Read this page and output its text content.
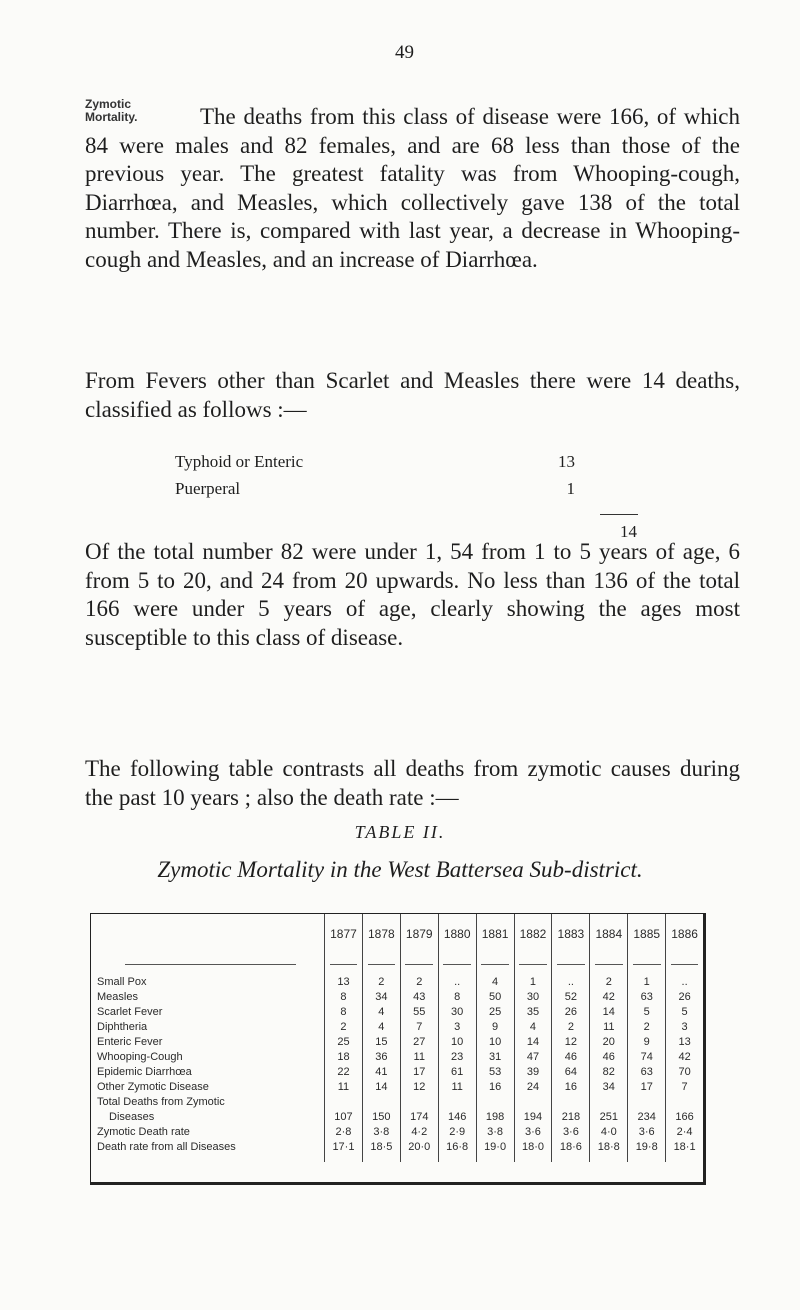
49
Zymotic Mortality.	The deaths from this class of disease were 166, of which 84 were males and 82 females, and are 68 less than those of the previous year. The greatest fatality was from Whooping-cough, Diarrhœa, and Measles, which collectively gave 138 of the total number. There is, compared with last year, a decrease in Whooping-cough and Measles, and an increase of Diarrhœa.

From Fevers other than Scarlet and Measles there were 14 deaths, classified as follows :—

Typhoid or Enteric	13
Puerperal	1
14

Of the total number 82 were under 1, 54 from 1 to 5 years of age, 6 from 5 to 20, and 24 from 20 upwards. No less than 136 of the total 166 were under 5 years of age, clearly showing the ages most susceptible to this class of disease.

The following table contrasts all deaths from zymotic causes during the past 10 years ; also the death rate :—

TABLE II.
Zymotic Mortality in the West Battersea Sub-district.
	1877	1878	1879	1880	1881	1882	1883	1884	1885	1886

Small Pox	13	2	2	..	4	1	..	2	1	..
Measles	8	34	43	8	50	30	52	42	63	26
Scarlet Fever	8	4	55	30	25	35	26	14	5	5
Diphtheria	2	4	7	3	9	4	2	11	2	3
Enteric Fever	25	15	27	10	10	14	12	20	9	13
Whooping-Cough	18	36	11	23	31	47	46	46	74	42
Epidemic Diarrhœa	22	41	17	61	53	39	64	82	63	70
Other Zymotic Disease	11	14	12	11	16	24	16	34	17	7
Total Deaths from Zymotic										
Diseases	107	150	174	146	198	194	218	251	234	166
Zymotic Death rate	2·8	3·8	4·2	2·9	3·8	3·6	3·6	4·0	3·6	2·4
Death rate from all Diseases	17·1	18·5	20·0	16·8	19·0	18·0	18·6	18·8	19·8	18·1
